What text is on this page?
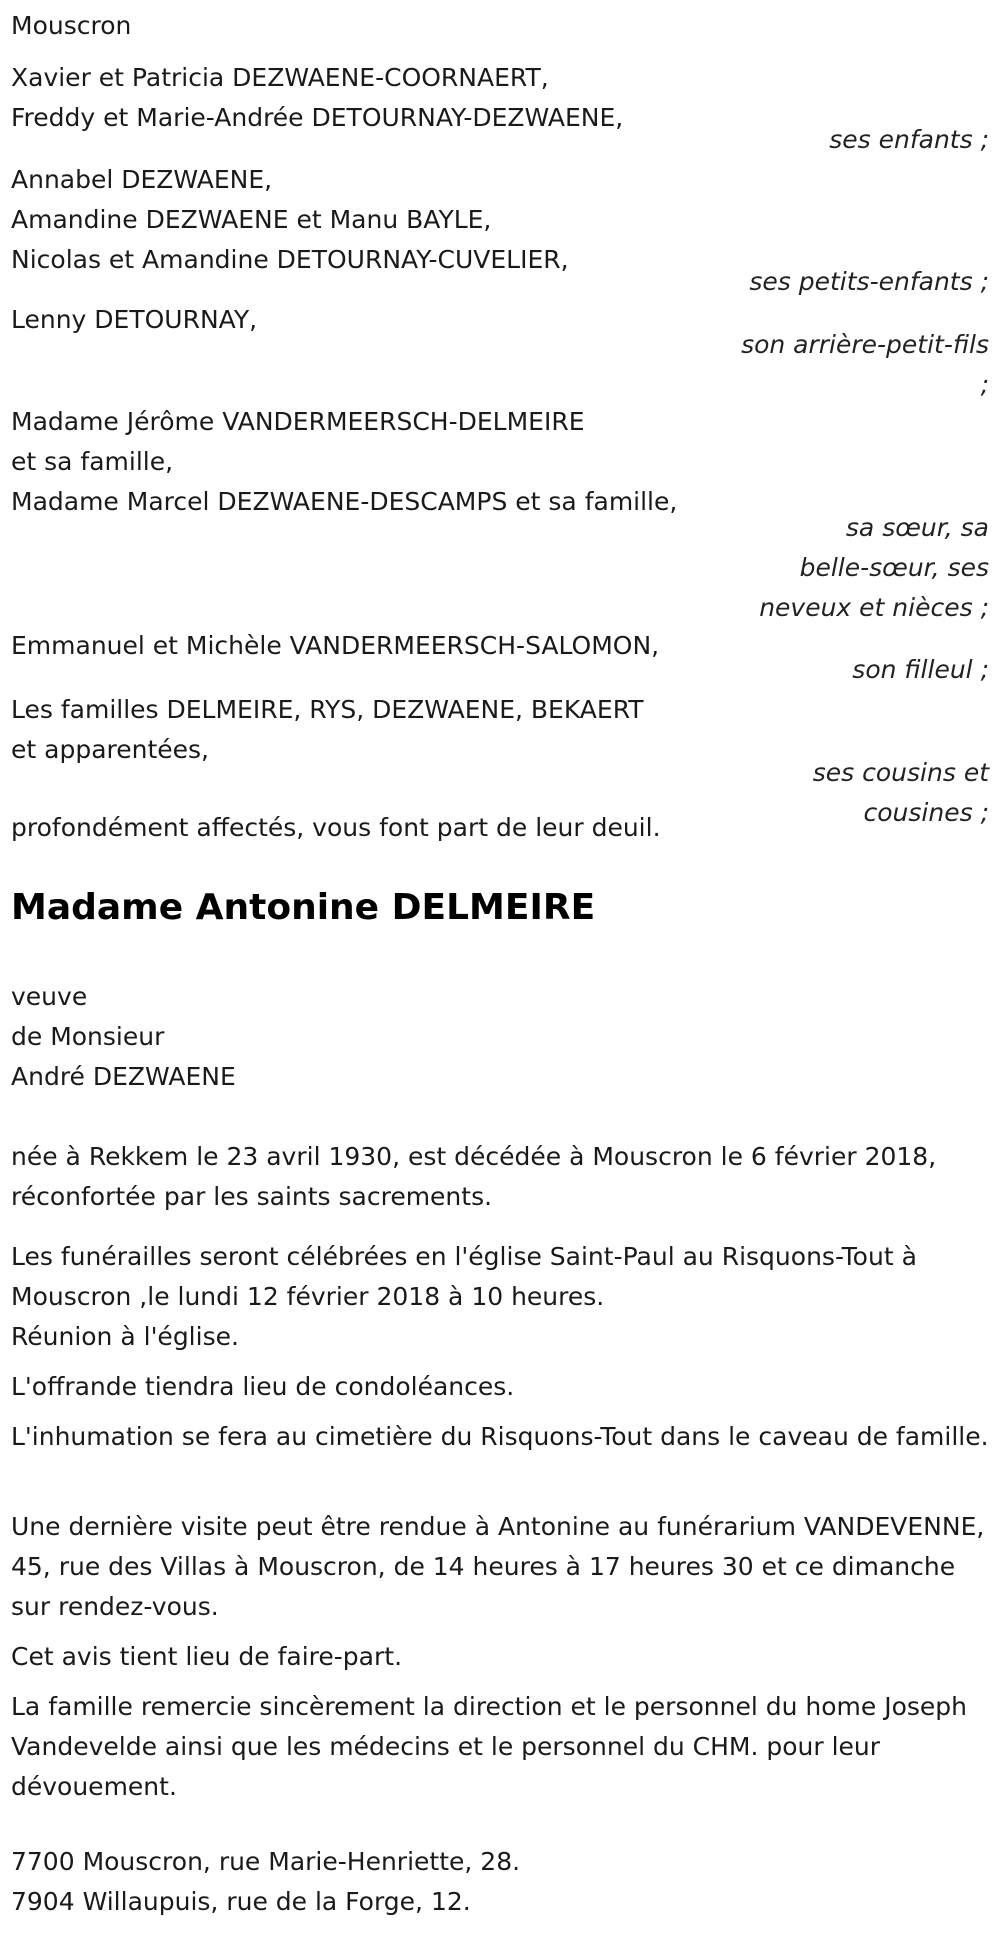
Mouscron
Xavier et Patricia DEZWAENE-COORNAERT,
Freddy et Marie-Andrée DETOURNAY-DEZWAENE,
ses enfants ;
Annabel DEZWAENE,
Amandine DEZWAENE et Manu BAYLE,
Nicolas et Amandine DETOURNAY-CUVELIER,
ses petits-enfants ;
Lenny DETOURNAY,
son arrière-petit-fils
;
Madame Jérôme VANDERMEERSCH-DELMEIRE
et sa famille,
Madame Marcel DEZWAENE-DESCAMPS et sa famille,
sa sœur, sa
belle-sœur, ses
neveux et nièces ;
Emmanuel et Michèle VANDERMEERSCH-SALOMON,
son filleul ;
Les familles DELMEIRE, RYS, DEZWAENE, BEKAERT
et apparentées,
ses cousins et
cousines ;
profondément affectés, vous font part de leur deuil.
Madame Antonine DELMEIRE
veuve
de Monsieur
André DEZWAENE
née à Rekkem le 23 avril 1930, est décédée à Mouscron le 6 février 2018, réconfortée par les saints sacrements.
Les funérailles seront célébrées en l'église Saint-Paul au Risquons-Tout à Mouscron ,le lundi 12 février 2018 à 10 heures.
Réunion à l'église.
L'offrande tiendra lieu de condoléances.
L'inhumation se fera au cimetière du Risquons-Tout dans le caveau de famille.
Une dernière visite peut être rendue à Antonine au funérarium VANDEVENNE, 45, rue des Villas à Mouscron, de 14 heures à 17 heures 30 et ce dimanche sur rendez-vous.
Cet avis tient lieu de faire-part.
La famille remercie sincèrement la direction et le personnel du home Joseph Vandevelde ainsi que les médecins et le personnel du CHM. pour leur dévouement.
7700 Mouscron, rue Marie-Henriette, 28.
7904 Willaupuis, rue de la Forge, 12.
